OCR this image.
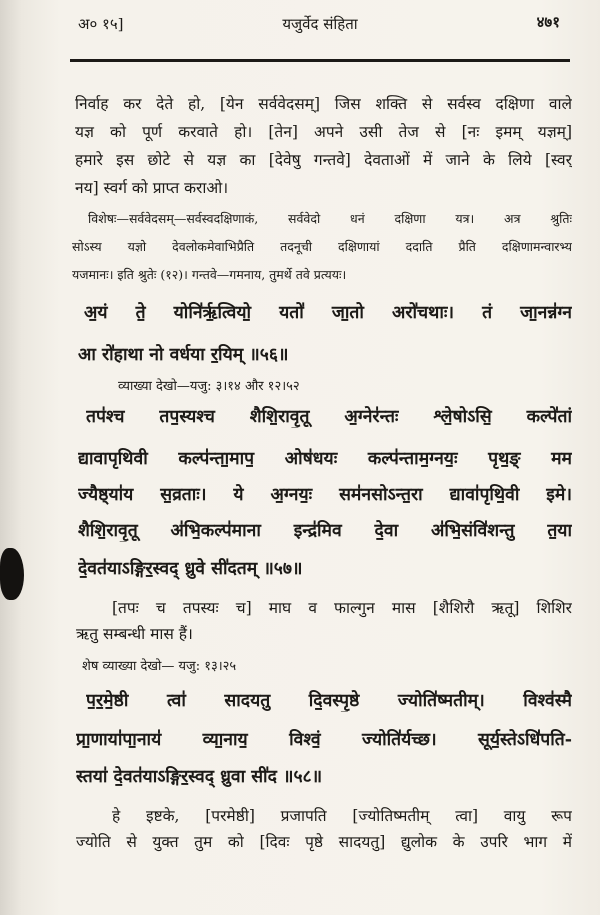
अ० १५]	यजुर्वेद संहिता	४७१
निर्वाह कर देते हो, [येन सर्ववेदसम्] जिस शक्ति से सर्वस्व दक्षिणा वाले
यज्ञ को पूर्ण करवाते हो। [तेन] अपने उसी तेज से [नः इमम् यज्ञम्]
हमारे इस छोटे से यज्ञ का [देवेषु गन्तवे] देवताओं में जाने के लिये [स्वर्
नय] स्वर्ग को प्राप्त कराओ।
विशेषः—सर्ववेदसम्—सर्वस्वदक्षिणाकं, सर्ववेदो धनं दक्षिणा यत्र। अत्र श्रुतिः
सोऽस्य यज्ञो देवलोकमेवाभिप्रैति तदनूची दक्षिणायां ददाति प्रैति दक्षिणामन्वारभ्य
यजमानः। इति श्रुतेः (१२)। गन्तवे—गमनाय, तुमर्थे तवे प्रत्ययः।
अ॒यं ते॒ योनि॑र्ऋ॒त्वियो॒ यतो॑ जा॒तो अरो॑चथाः। तं जा॒नन्न॑ग्न
आ रो॑हाथा नो वर्धया र॒यिम् ॥५६॥
व्याख्या देखो—यजु: ३।१४ और १२।५२
तप॑श्च तप॒स्यश्च शैशि॒रावृ॒तू अ॒ग्नेर॑न्तः श्ले॒षोऽसि॒ कल्पे॑तां
द्यावापृथिवी कल्प॑न्ता॒माप॒ ओष॑धयः कल्प॑न्ताम॒ग्नयः॒ पृथ॒ङ् मम
ज्यैष्ठ्या॑य स॒व्रताः। ये अ॒ग्नयः॒ सम॑नसोऽन्त॒रा द्यावा॑पृथि॒वी इमे।
शैशि॒रावृ॒तू अ॑भि॒कल्प॑माना इन्द्र॑मिव दे॒वा अ॑भि॒संवि॑शन्तु त॒या
दे॒वत॑याऽङ्गिर॒स्वद् ध्रु॒वे सी॑दतम् ॥५७॥
[तपः च तपस्यः च] माघ व फाल्गुन मास [शैशिरौ ऋतू] शिशिर
ऋतु सम्बन्धी मास हैं।
शेष व्याख्या देखो— यजु: १३।२५
प॒र॒मे॒ष्ठी त्वा॑ सादयतु दि॒वस्पृ॒ष्ठे ज्योति॑ष्मतीम्। विश्व॑स्मै
प्रा॒णाया॑पा॒नाय॑ व्या॒नाय॒ विश्वं॒ ज्योति॑र्यच्छ। सूर्य॒स्तेऽधि॑पति-
स्तया॑ दे॒वत॑याऽङ्गिर॒स्वद् ध्रु॒वा सी॑द ॥५८॥
हे इष्टके, [परमेष्ठी] प्रजापति [ज्योतिष्मतीम् त्वा] वायु रूप
ज्योति से युक्त तुम को [दिवः पृष्ठे सादयतु] द्युलोक के उपरि भाग में
